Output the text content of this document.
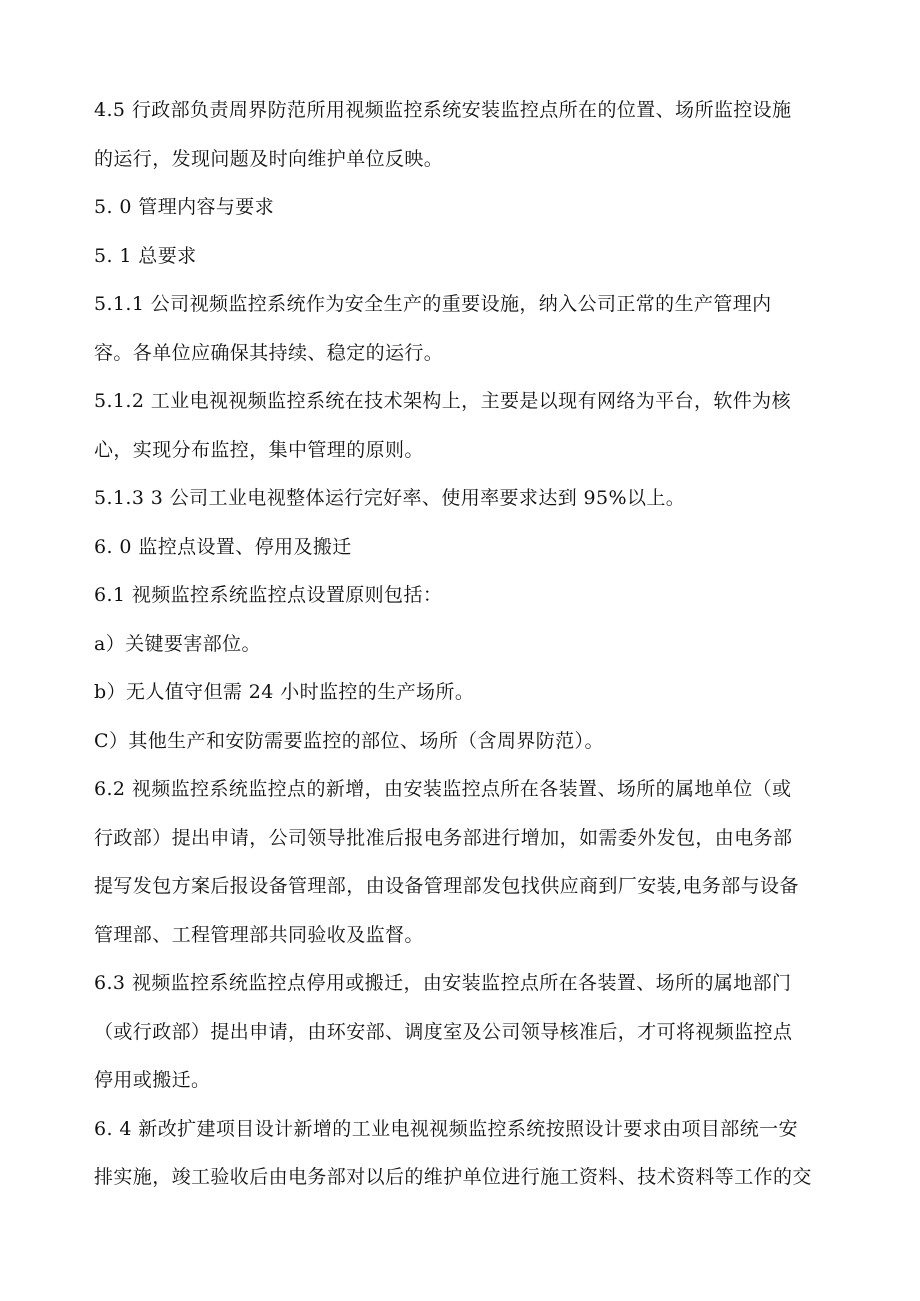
4.5 行政部负责周界防范所用视频监控系统安装监控点所在的位置、场所监控设施
的运行，发现问题及时向维护单位反映。

5. 0 管理内容与要求

5. 1 总要求

5.1.1 公司视频监控系统作为安全生产的重要设施，纳入公司正常的生产管理内
容。各单位应确保其持续、稳定的运行。

5.1.2 工业电视视频监控系统在技术架构上，主要是以现有网络为平台，软件为核
心，实现分布监控，集中管理的原则。

5.1.3 3 公司工业电视整体运行完好率、使用率要求达到 95%以上。

6. 0 监控点设置、停用及搬迁

6.1 视频监控系统监控点设置原则包括：

a）关键要害部位。

b）无人值守但需 24 小时监控的生产场所。

C）其他生产和安防需要监控的部位、场所（含周界防范）。

6.2 视频监控系统监控点的新增，由安装监控点所在各装置、场所的属地单位（或
行政部）提出申请，公司领导批准后报电务部进行增加，如需委外发包，由电务部
提写发包方案后报设备管理部，由设备管理部发包找供应商到厂安装,电务部与设备
管理部、工程管理部共同验收及监督。

6.3 视频监控系统监控点停用或搬迁，由安装监控点所在各装置、场所的属地部门
（或行政部）提出申请，由环安部、调度室及公司领导核准后，才可将视频监控点
停用或搬迁。

6. 4 新改扩建项目设计新增的工业电视视频监控系统按照设计要求由项目部统一安
排实施，竣工验收后由电务部对以后的维护单位进行施工资料、技术资料等工作的交
